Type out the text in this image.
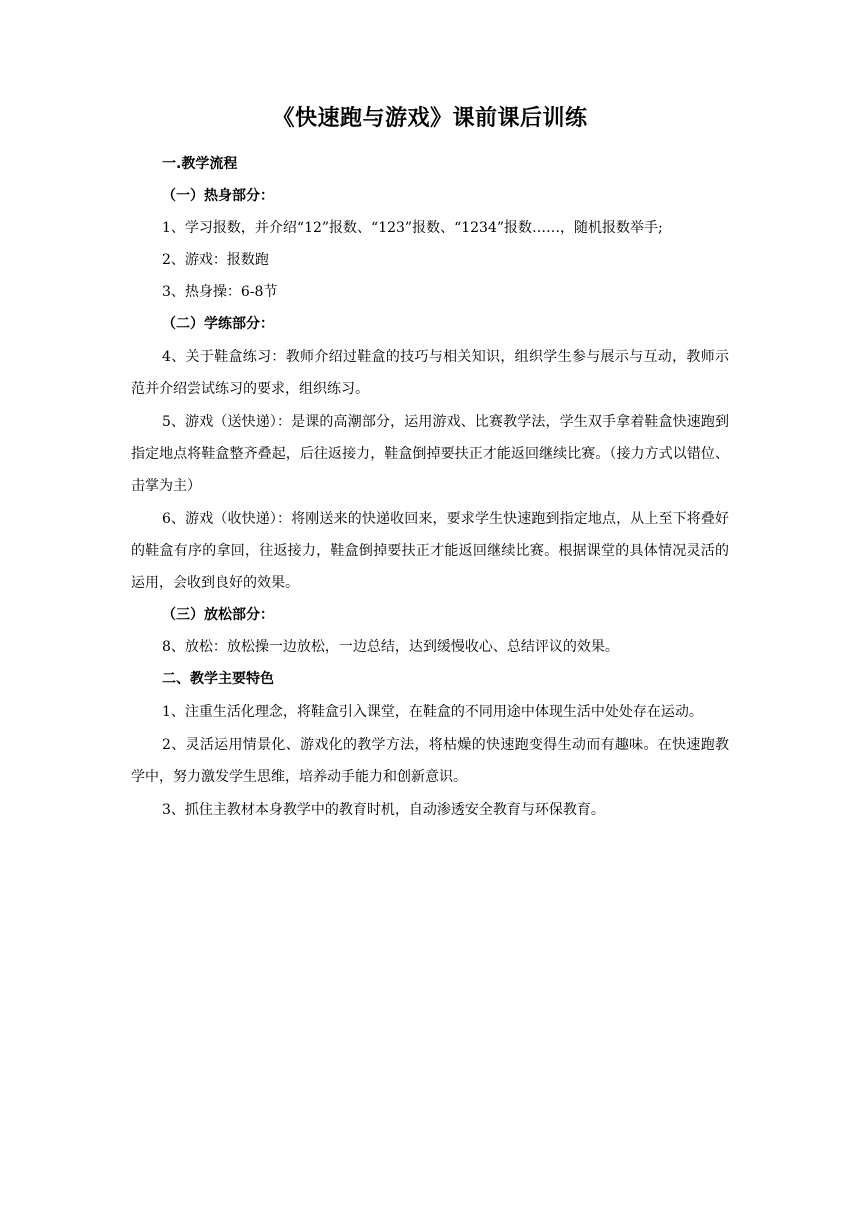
《快速跑与游戏》课前课后训练
一.教学流程
（一）热身部分：
1、学习报数，并介绍“12”报数、“123”报数、“1234”报数……，随机报数举手;
2、游戏：报数跑
3、热身操：6-8节
（二）学练部分：
4、关于鞋盒练习：教师介绍过鞋盒的技巧与相关知识，组织学生参与展示与互动，教师示范并介绍尝试练习的要求，组织练习。
5、游戏（送快递）：是课的高潮部分，运用游戏、比赛教学法，学生双手拿着鞋盒快速跑到指定地点将鞋盒整齐叠起，后往返接力，鞋盒倒掉要扶正才能返回继续比赛。（接力方式以错位、击掌为主）
6、游戏（收快递）：将刚送来的快递收回来，要求学生快速跑到指定地点，从上至下将叠好的鞋盒有序的拿回，往返接力，鞋盒倒掉要扶正才能返回继续比赛。根据课堂的具体情况灵活的运用，会收到良好的效果。
（三）放松部分：
8、放松：放松操一边放松，一边总结，达到缓慢收心、总结评议的效果。
二、教学主要特色
1、注重生活化理念，将鞋盒引入课堂，在鞋盒的不同用途中体现生活中处处存在运动。
2、灵活运用情景化、游戏化的教学方法，将枯燥的快速跑变得生动而有趣味。在快速跑教学中，努力激发学生思维，培养动手能力和创新意识。
3、抓住主教材本身教学中的教育时机，自动渗透安全教育与环保教育。
